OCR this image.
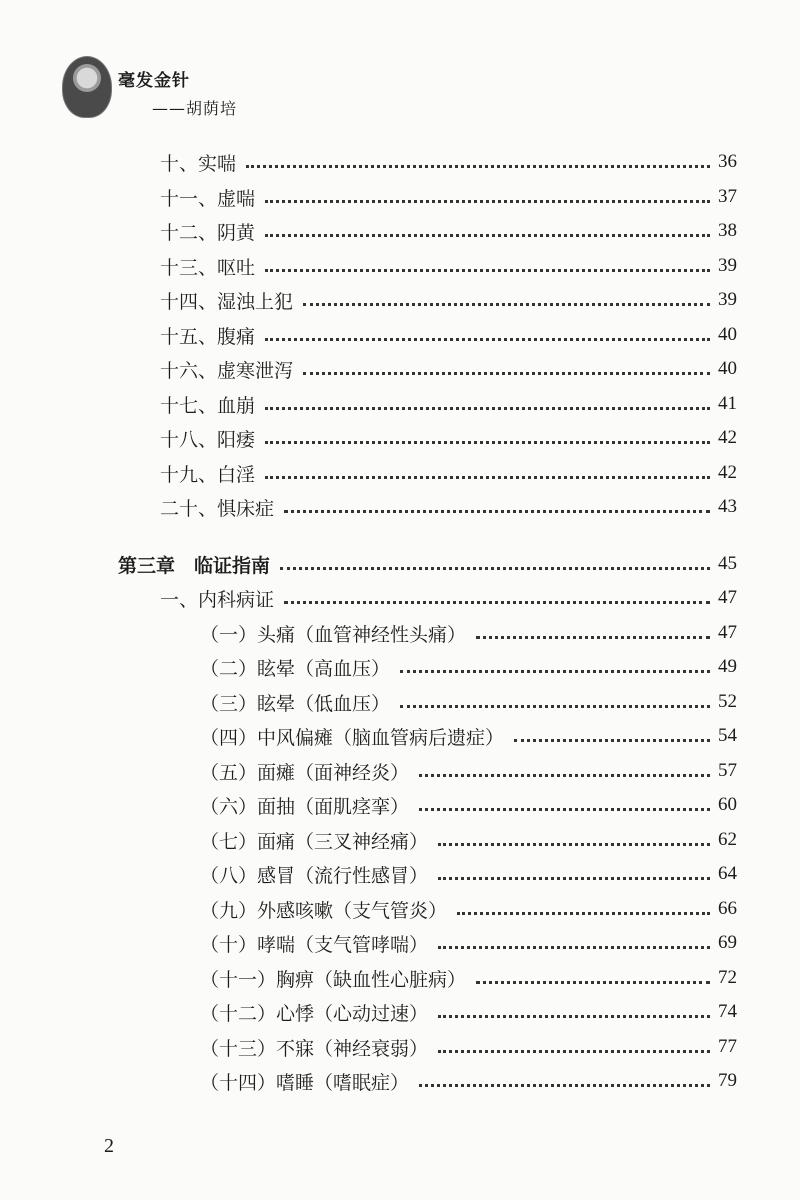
毫发金针
——胡荫培
十、实喘	36
十一、虚喘	37
十二、阴黄	38
十三、呕吐	39
十四、湿浊上犯	39
十五、腹痛	40
十六、虚寒泄泻	40
十七、血崩	41
十八、阳痿	42
十九、白淫	42
二十、惧床症	43
第三章　临证指南	45
一、内科病证	47
（一）头痛（血管神经性头痛）	47
（二）眩晕（高血压）	49
（三）眩晕（低血压）	52
（四）中风偏瘫（脑血管病后遗症）	54
（五）面瘫（面神经炎）	57
（六）面抽（面肌痉挛）	60
（七）面痛（三叉神经痛）	62
（八）感冒（流行性感冒）	64
（九）外感咳嗽（支气管炎）	66
（十）哮喘（支气管哮喘）	69
（十一）胸痹（缺血性心脏病）	72
（十二）心悸（心动过速）	74
（十三）不寐（神经衰弱）	77
（十四）嗜睡（嗜眠症）	79
2
